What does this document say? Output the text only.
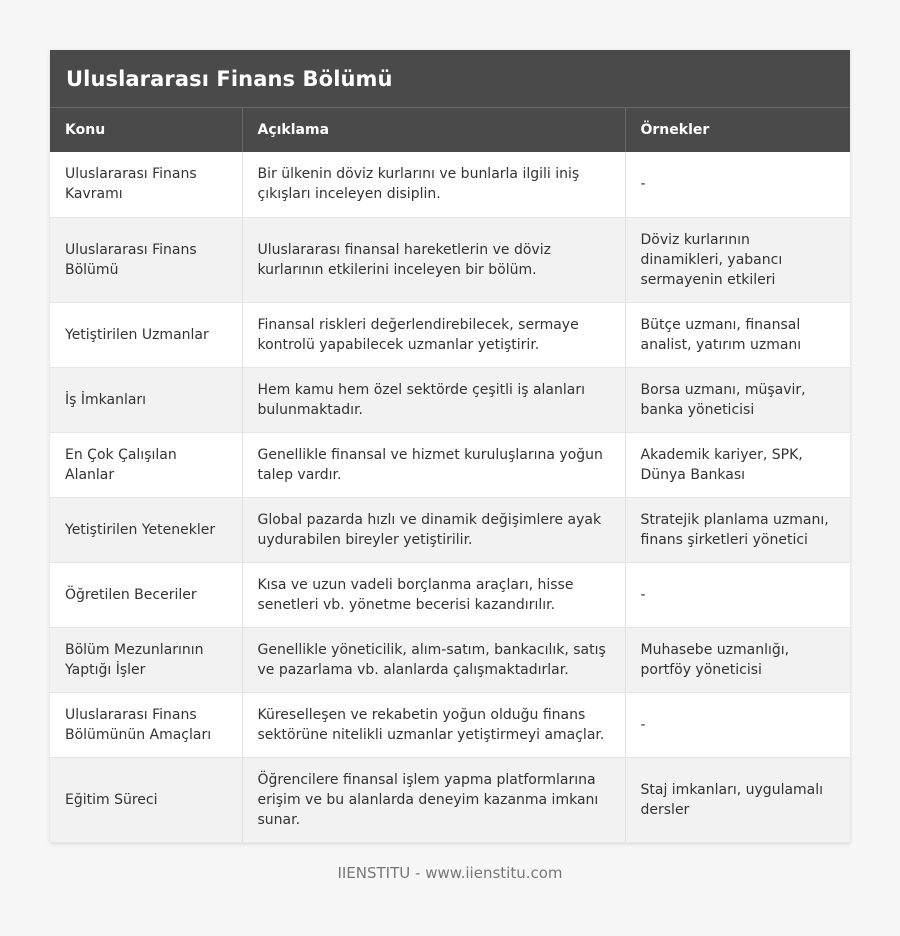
Uluslararası Finans Bölümü
Konu	Açıklama	Örnekler
Uluslararası Finans Kavramı	Bir ülkenin döviz kurlarını ve bunlarla ilgili iniş çıkışları inceleyen disiplin.	-
Uluslararası Finans Bölümü	Uluslararası finansal hareketlerin ve döviz kurlarının etkilerini inceleyen bir bölüm.	Döviz kurlarının dinamikleri, yabancı sermayenin etkileri
Yetiştirilen Uzmanlar	Finansal riskleri değerlendirebilecek, sermaye kontrolü yapabilecek uzmanlar yetiştirir.	Bütçe uzmanı, finansal analist, yatırım uzmanı
İş İmkanları	Hem kamu hem özel sektörde çeşitli iş alanları bulunmaktadır.	Borsa uzmanı, müşavir, banka yöneticisi
En Çok Çalışılan Alanlar	Genellikle finansal ve hizmet kuruluşlarına yoğun talep vardır.	Akademik kariyer, SPK, Dünya Bankası
Yetiştirilen Yetenekler	Global pazarda hızlı ve dinamik değişimlere ayak uydurabilen bireyler yetiştirilir.	Stratejik planlama uzmanı, finans şirketleri yönetici
Öğretilen Beceriler	Kısa ve uzun vadeli borçlanma araçları, hisse senetleri vb. yönetme becerisi kazandırılır.	-
Bölüm Mezunlarının Yaptığı İşler	Genellikle yöneticilik, alım-satım, bankacılık, satış ve pazarlama vb. alanlarda çalışmaktadırlar.	Muhasebe uzmanlığı, portföy yöneticisi
Uluslararası Finans Bölümünün Amaçları	Küreselleşen ve rekabetin yoğun olduğu finans sektörüne nitelikli uzmanlar yetiştirmeyi amaçlar.	-
Eğitim Süreci	Öğrencilere finansal işlem yapma platformlarına erişim ve bu alanlarda deneyim kazanma imkanı sunar.	Staj imkanları, uygulamalı dersler
IIENSTITU - www.iienstitu.com
